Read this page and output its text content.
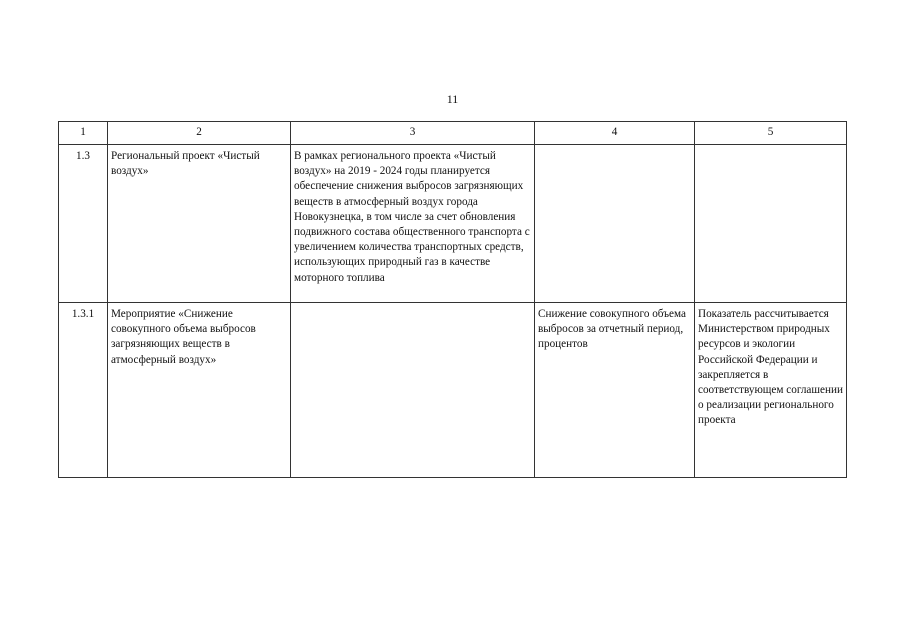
11
1	2	3	4	5
1.3	Региональный проект «Чистый воздух»	В рамках регионального проекта «Чистый воздух» на 2019 - 2024 годы планируется обеспечение снижения выбросов загрязняющих веществ в атмосферный воздух города Новокузнецка, в том числе за счет обновления подвижного состава общественного транспорта с увеличением количества транспортных средств, использующих природный газ в качестве моторного топлива		
1.3.1	Мероприятие «Снижение совокупного объема выбросов загрязняющих веществ в атмосферный воздух»		Снижение совокупного объема выбросов за отчетный период, процентов	Показатель рассчитывается Министерством природных ресурсов и экологии Российской Федерации и закрепляется в соответствующем соглашении о реализации регионального проекта
